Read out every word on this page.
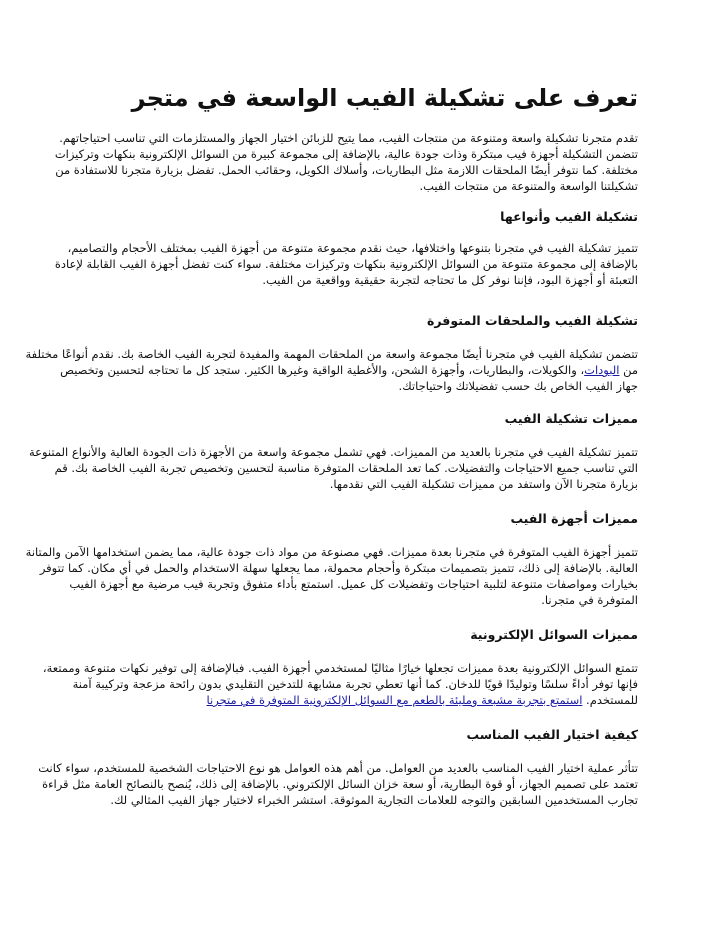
تعرف على تشكيلة الفيب الواسعة في متجر
تقدم متجرنا تشكيلة واسعة ومتنوعة من منتجات الفيب، مما يتيح للزبائن اختيار الجهاز والمستلزمات التي تناسب احتياجاتهم.
تتضمن التشكيلة أجهزة فيب مبتكرة وذات جودة عالية، بالإضافة إلى مجموعة كبيرة من السوائل الإلكترونية بنكهات وتركيزات
مختلفة. كما نتوفر أيضًا الملحقات اللازمة مثل البطاريات، وأسلاك الكويل، وحقائب الحمل. تفضل بزيارة متجرنا للاستفادة من
تشكيلتنا الواسعة والمتنوعة من منتجات الفيب.
تشكيلة الفيب وأنواعها
تتميز تشكيلة الفيب في متجرنا بتنوعها واختلافها، حيث نقدم مجموعة متنوعة من أجهزة الفيب بمختلف الأحجام والتصاميم،
بالإضافة إلى مجموعة متنوعة من السوائل الإلكترونية بنكهات وتركيزات مختلفة. سواء كنت تفضل أجهزة الفيب القابلة لإعادة
التعبئة أو أجهزة البود، فإننا نوفر كل ما تحتاجه لتجربة حقيقية وواقعية من الفيب.
تشكيلة الفيب والملحقات المتوفرة
تتضمن تشكيلة الفيب في متجرنا أيضًا مجموعة واسعة من الملحقات المهمة والمفيدة لتجربة الفيب الخاصة بك. نقدم أنواعًا مختلفة
من البودات، والكويلات، والبطاريات، وأجهزة الشحن، والأغطية الواقية وغيرها الكثير. ستجد كل ما تحتاجه لتحسين وتخصيص
جهاز الفيب الخاص بك حسب تفضيلاتك واحتياجاتك.
مميزات تشكيلة الفيب
تتميز تشكيلة الفيب في متجرنا بالعديد من المميزات. فهي تشمل مجموعة واسعة من الأجهزة ذات الجودة العالية والأنواع المتنوعة
التي تناسب جميع الاحتياجات والتفضيلات. كما تعد الملحقات المتوفرة مناسبة لتحسين وتخصيص تجربة الفيب الخاصة بك. قم
بزيارة متجرنا الآن واستفد من مميزات تشكيلة الفيب التي نقدمها.
مميزات أجهزة الفيب
تتميز أجهزة الفيب المتوفرة في متجرنا بعدة مميزات. فهي مصنوعة من مواد ذات جودة عالية، مما يضمن استخدامها الآمن والمتانة
العالية. بالإضافة إلى ذلك، تتميز بتصميمات مبتكرة وأحجام محمولة، مما يجعلها سهلة الاستخدام والحمل في أي مكان. كما تتوفر
بخيارات ومواصفات متنوعة لتلبية احتياجات وتفضيلات كل عميل. استمتع بأداء متفوق وتجربة فيب مرضية مع أجهزة الفيب
المتوفرة في متجرنا.
مميزات السوائل الإلكترونية
تتمتع السوائل الإلكترونية بعدة مميزات تجعلها خيارًا مثاليًا لمستخدمي أجهزة الفيب. فبالإضافة إلى توفير نكهات متنوعة وممتعة،
فإنها توفر أداءً سلسًا وتوليدًا قويًا للدخان. كما أنها تعطي تجربة مشابهة للتدخين التقليدي بدون رائحة مزعجة وتركيبة آمنة
للمستخدم. استمتع بتجربة مشبعة ومليئة بالطعم مع السوائل الإلكترونية المتوفرة في متجرنا
كيفية اختيار الفيب المناسب
تتأثر عملية اختيار الفيب المناسب بالعديد من العوامل. من أهم هذه العوامل هو نوع الاحتياجات الشخصية للمستخدم، سواء كانت
تعتمد على تصميم الجهاز، أو قوة البطارية، أو سعة خزان السائل الإلكتروني. بالإضافة إلى ذلك، يُنصح بالنصائح العامة مثل قراءة
تجارب المستخدمين السابقين والتوجه للعلامات التجارية الموثوقة. استشر الخبراء لاختيار جهاز الفيب المثالي لك.
